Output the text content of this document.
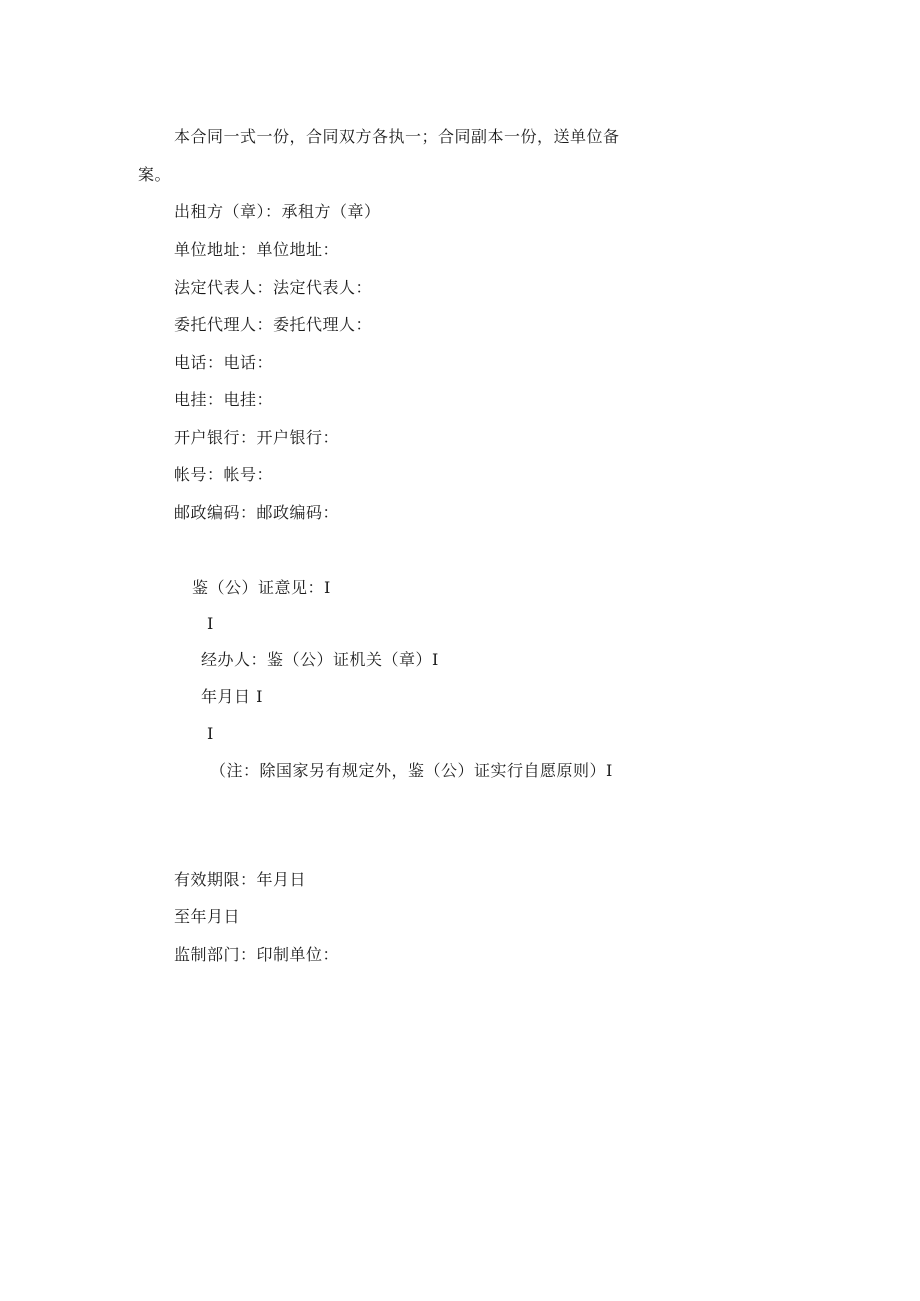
本合同一式一份，合同双方各执一；合同副本一份，送单位备
案。
出租方（章）：承租方（章）
单位地址：单位地址：
法定代表人：法定代表人：
委托代理人：委托代理人：
电话：电话：
电挂：电挂：
开户银行：开户银行：
帐号：帐号：
邮政编码：邮政编码：
鉴（公）证意见：I
I
经办人：鉴（公）证机关（章）I
年月日 I
I
（注：除国家另有规定外，鉴（公）证实行自愿原则）I
有效期限：年月日
至年月日
监制部门：印制单位：
